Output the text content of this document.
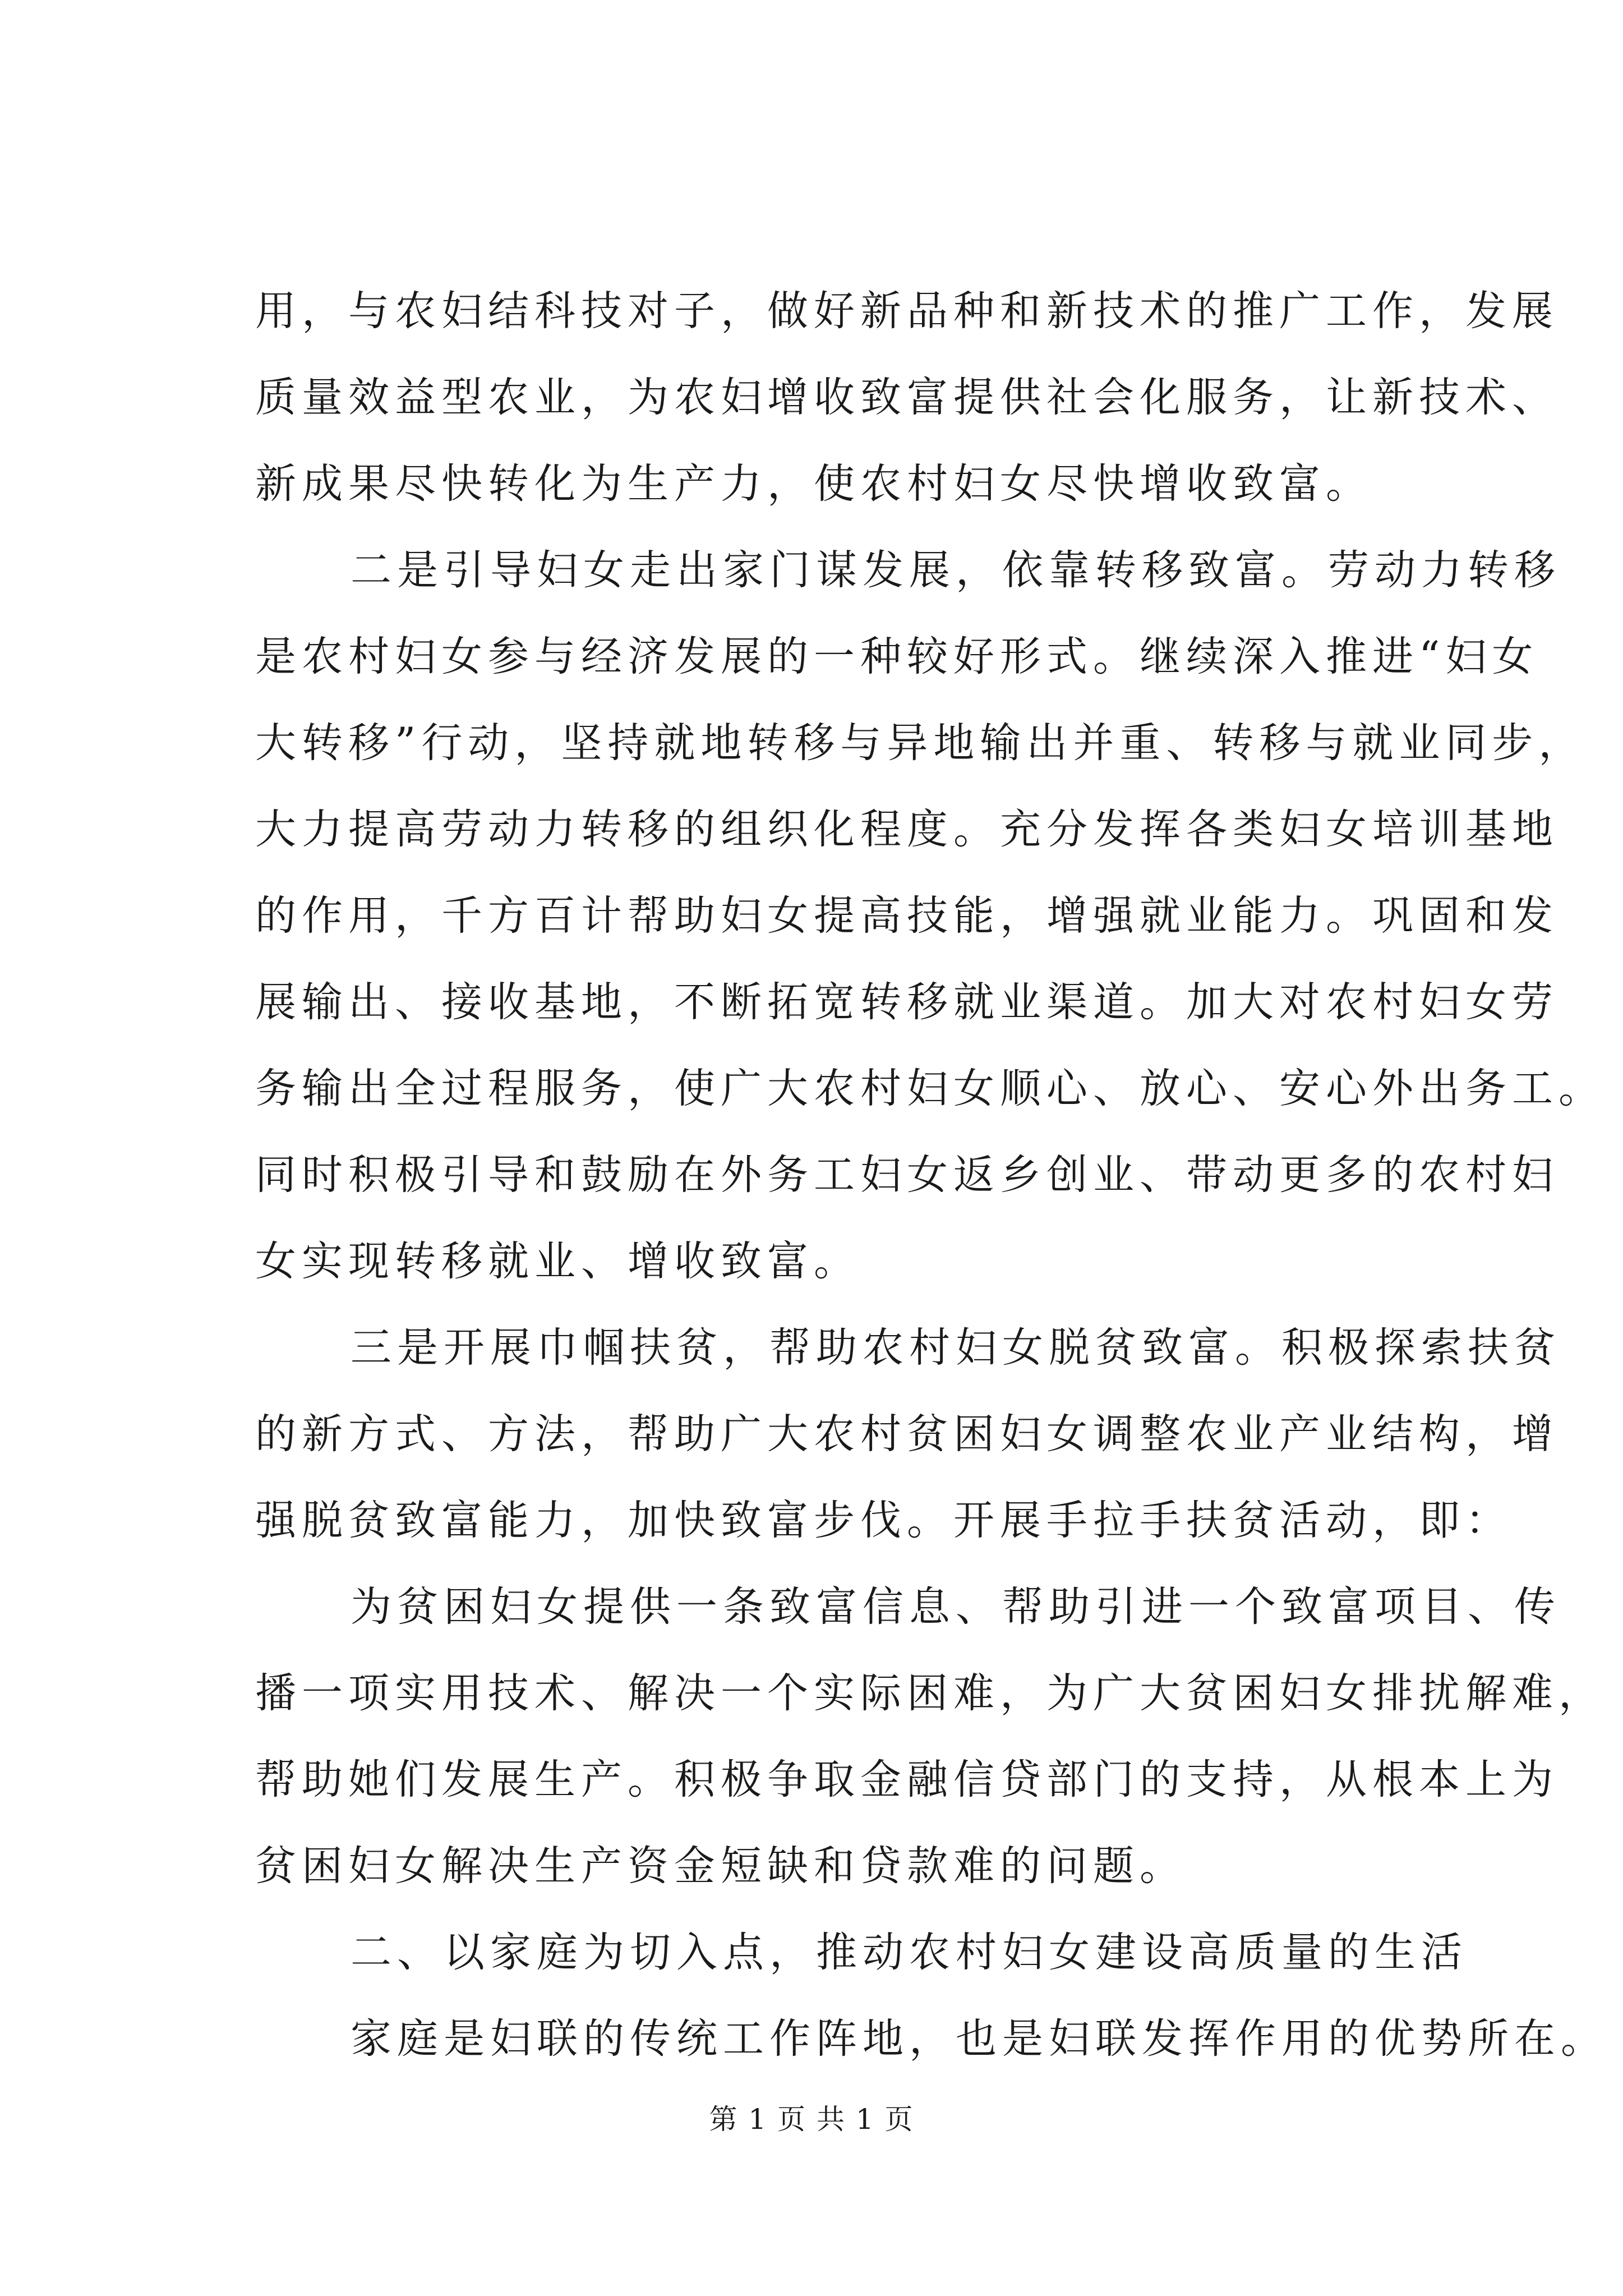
用，与农妇结科技对子，做好新品种和新技术的推广工作，发展
质量效益型农业，为农妇增收致富提供社会化服务，让新技术、
新成果尽快转化为生产力，使农村妇女尽快增收致富。
二是引导妇女走出家门谋发展，依靠转移致富。劳动力转移
是农村妇女参与经济发展的一种较好形式。继续深入推进“妇女
大转移”行动，坚持就地转移与异地输出并重、转移与就业同步，
大力提高劳动力转移的组织化程度。充分发挥各类妇女培训基地
的作用，千方百计帮助妇女提高技能，增强就业能力。巩固和发
展输出、接收基地，不断拓宽转移就业渠道。加大对农村妇女劳
务输出全过程服务，使广大农村妇女顺心、放心、安心外出务工。
同时积极引导和鼓励在外务工妇女返乡创业、带动更多的农村妇
女实现转移就业、增收致富。
三是开展巾帼扶贫，帮助农村妇女脱贫致富。积极探索扶贫
的新方式、方法，帮助广大农村贫困妇女调整农业产业结构，增
强脱贫致富能力，加快致富步伐。开展手拉手扶贫活动，即：
为贫困妇女提供一条致富信息、帮助引进一个致富项目、传
播一项实用技术、解决一个实际困难，为广大贫困妇女排扰解难，
帮助她们发展生产。积极争取金融信贷部门的支持，从根本上为
贫困妇女解决生产资金短缺和贷款难的问题。
二、以家庭为切入点，推动农村妇女建设高质量的生活
家庭是妇联的传统工作阵地，也是妇联发挥作用的优势所在。
第 1 页 共 1 页
